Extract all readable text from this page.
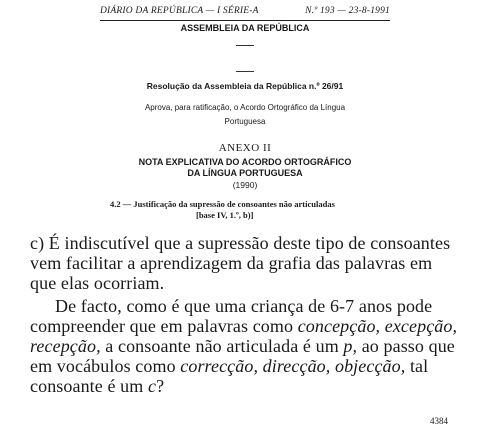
DIÁRIO DA REPÚBLICA — I SÉRIE-A	N.º 193 — 23-8-1991
ASSEMBLEIA DA REPÚBLICA
Resolução da Assembleia da República n.º 26/91
Aprova, para ratificação, o Acordo Ortográfico da Língua
Portuguesa
ANEXO II
NOTA EXPLICATIVA DO ACORDO ORTOGRÁFICO
DA LÍNGUA PORTUGUESA
(1990)
4.2 — Justificação da supressão de consoantes não articuladas
[base IV, 1.º, b)]

c) É indiscutível que a supressão deste tipo de consoantes vem facilitar a aprendizagem da grafia das palavras em que elas ocorriam.

De facto, como é que uma criança de 6-7 anos pode compreender que em palavras como concepção, excepção, recepção, a consoante não articulada é um p, ao passo que em vocábulos como correcção, direcção, objecção, tal consoante é um c?

4384
